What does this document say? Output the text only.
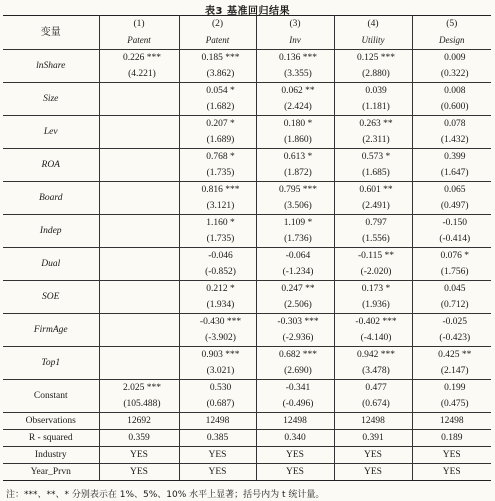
表3 基准回归结果
变量	(1)	(2)	(3)	(4)	(5)
	Patent	Patent	Inv	Utility	Design
lnShare	0.226 ***	0.185 ***	0.136 ***	0.125 ***	0.009
	(4.221)	(3.862)	(3.355)	(2.880)	(0.322)
Size		0.054 *	0.062 **	0.039	0.008
		(1.682)	(2.424)	(1.181)	(0.600)
Lev		0.207 *	0.180 *	0.263 **	0.078
		(1.689)	(1.860)	(2.311)	(1.432)
ROA		0.768 *	0.613 *	0.573 *	0.399
		(1.735)	(1.872)	(1.685)	(1.647)
Board		0.816 ***	0.795 ***	0.601 **	0.065
		(3.121)	(3.506)	(2.491)	(0.497)
Indep		1.160 *	1.109 *	0.797	-0.150
		(1.735)	(1.736)	(1.556)	(-0.414)
Dual		-0.046	-0.064	-0.115 **	0.076 *
		(-0.852)	(-1.234)	(-2.020)	(1.756)
SOE		0.212 *	0.247 **	0.173 *	0.045
		(1.934)	(2.506)	(1.936)	(0.712)
FirmAge		-0.430 ***	-0.303 ***	-0.402 ***	-0.025
		(-3.902)	(-2.936)	(-4.140)	(-0.423)
Top1		0.903 ***	0.682 ***	0.942 ***	0.425 **
		(3.021)	(2.690)	(3.478)	(2.147)
Constant	2.025 ***	0.530	-0.341	0.477	0.199
	(105.488)	(0.687)	(-0.496)	(0.674)	(0.475)
Observations	12692	12498	12498	12498	12498
R - squared	0.359	0.385	0.340	0.391	0.189
Industry	YES	YES	YES	YES	YES
Year_Prvn	YES	YES	YES	YES	YES
注：***、**、* 分别表示在 1%、5%、10% 水平上显著；括号内为 t 统计量。
